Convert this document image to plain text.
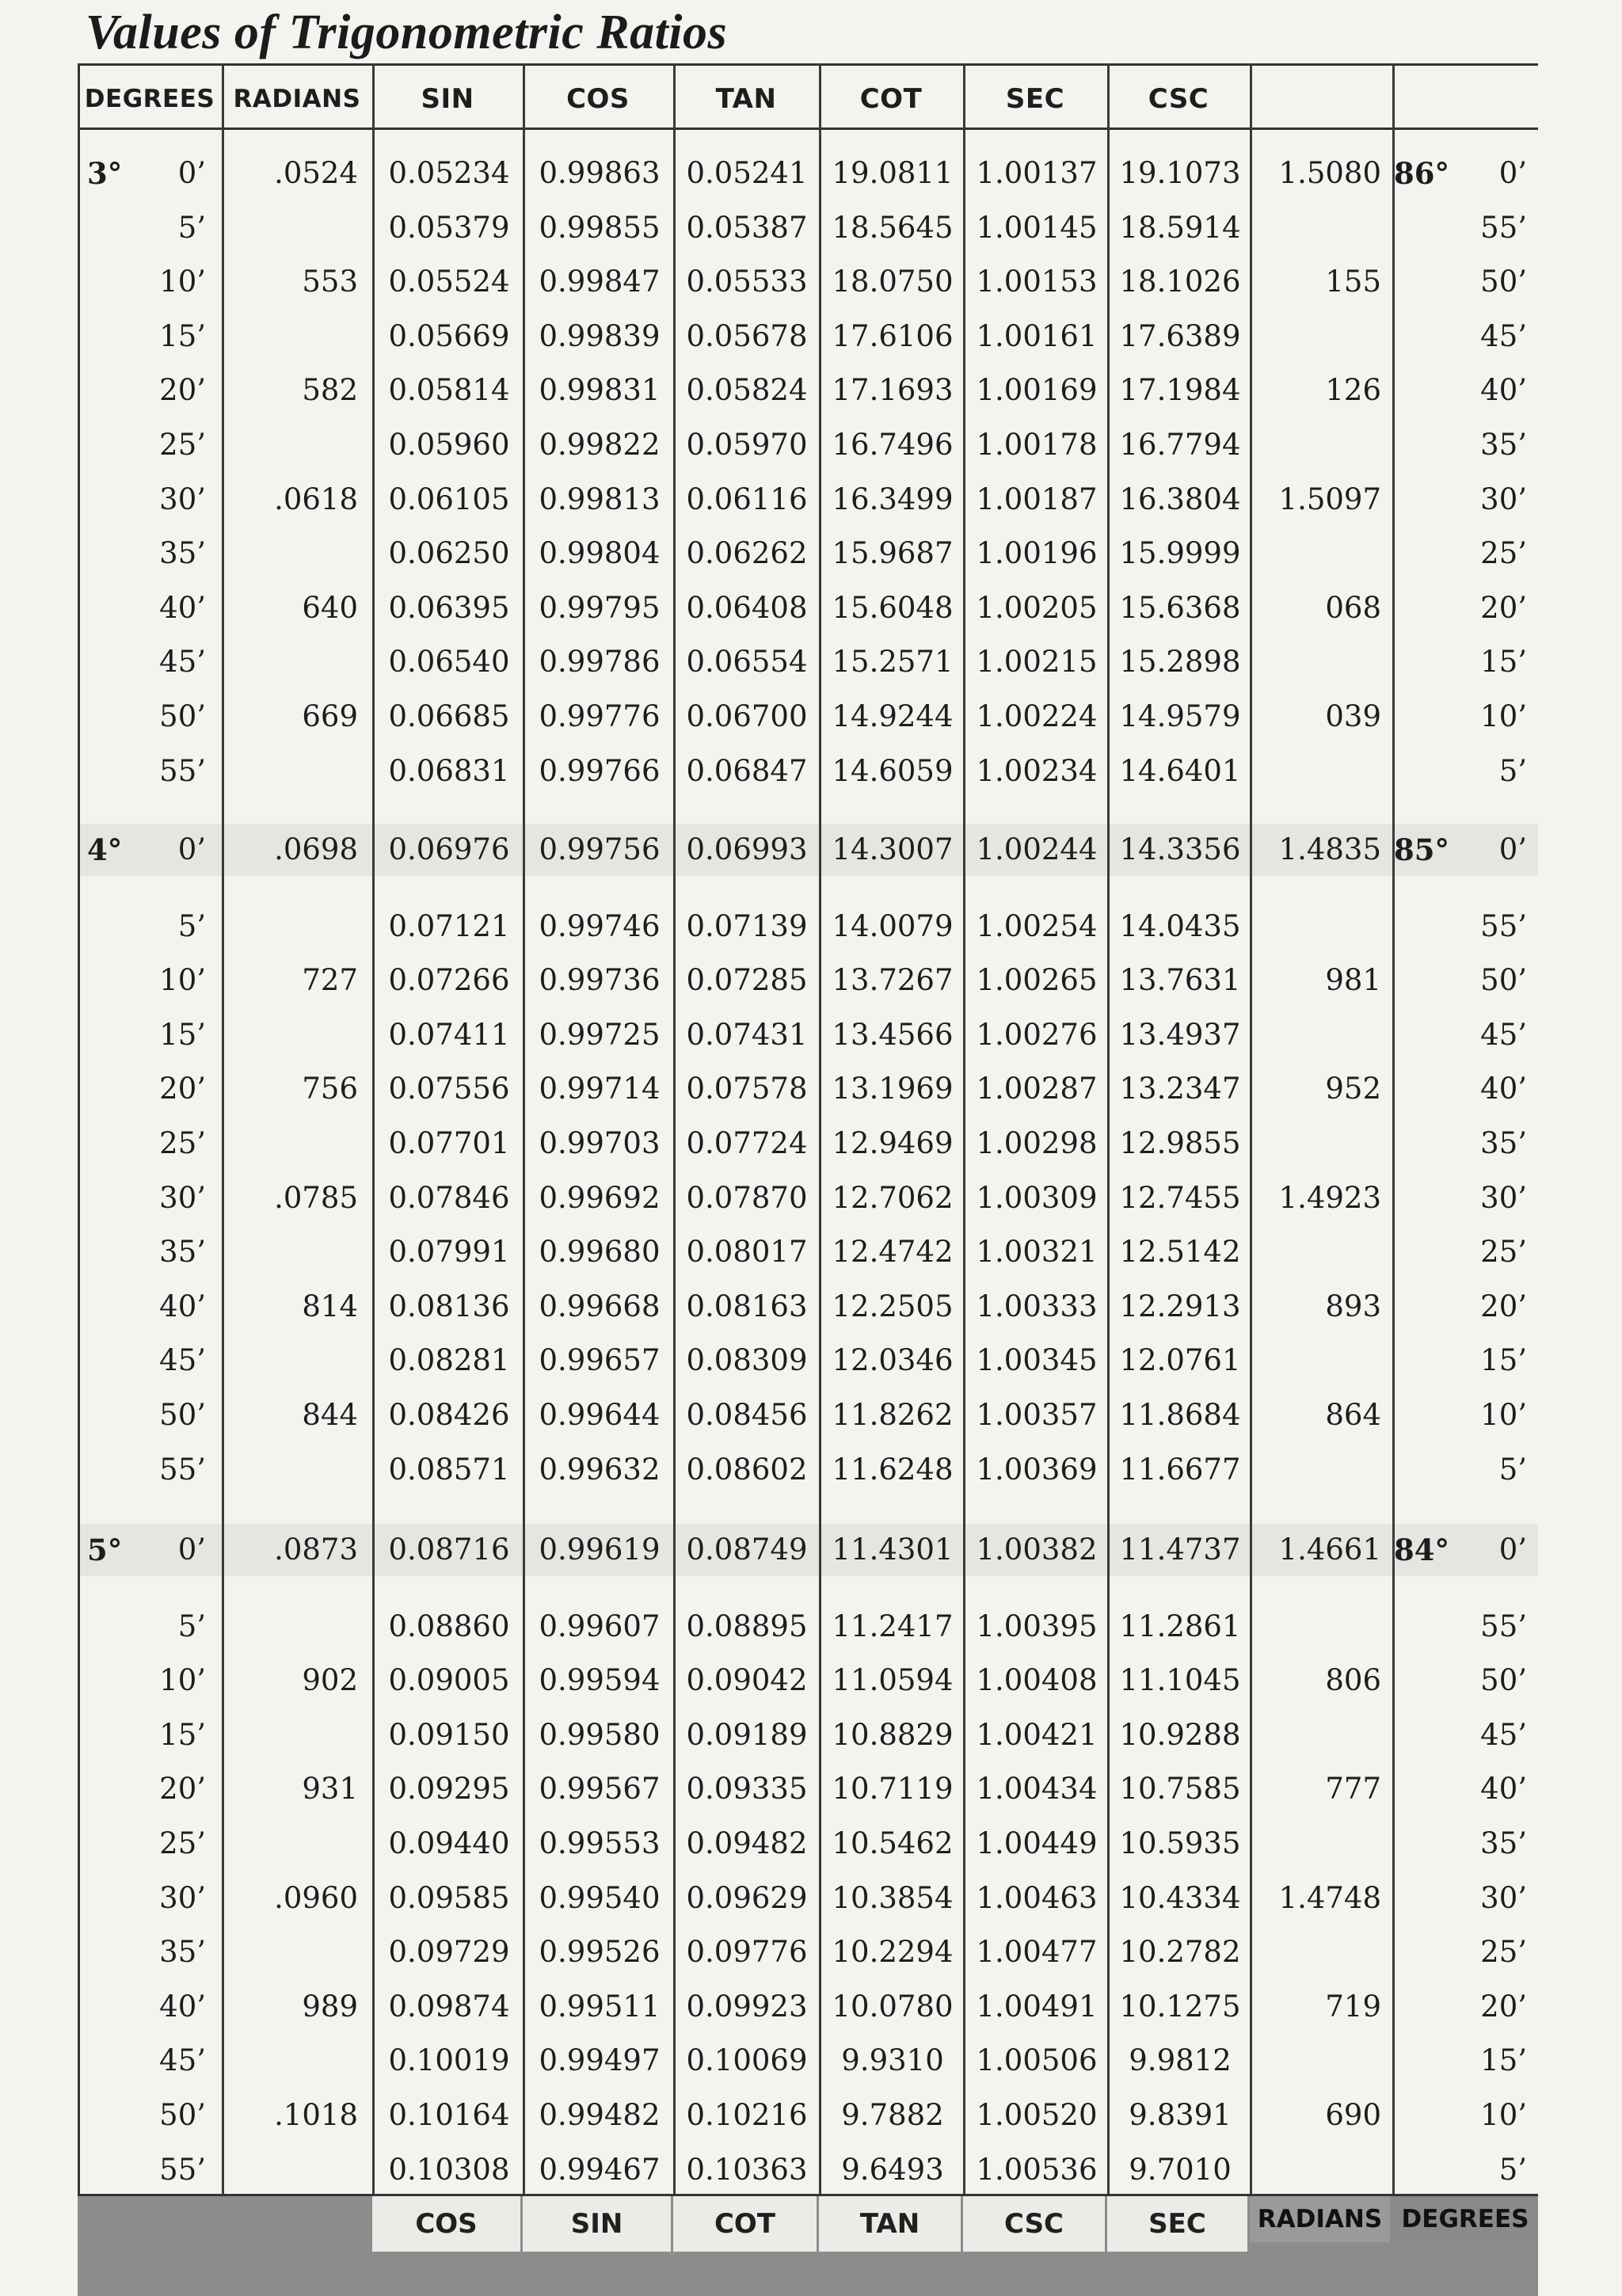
Values of Trigonometric Ratios
DEGREES RADIANS	SIN	COS	TAN	COT	SEC	CSC
3°	0’	.0524	0.05234 0.99863 0.05241 19.0811 1.00137 19.1073	1.5080 86°	0’
5’	0.05379 0.99855 0.05387 18.5645 1.00145 18.5914	55’
10’	553	0.05524 0.99847 0.05533 18.0750 1.00153 18.1026	155	50’
15’	0.05669 0.99839 0.05678 17.6106 1.00161 17.6389	45’
20’	582	0.05814 0.99831 0.05824 17.1693 1.00169 17.1984	126	40’
25’	0.05960 0.99822 0.05970 16.7496 1.00178 16.7794	35’
30’	.0618	0.06105 0.99813 0.06116 16.3499 1.00187 16.3804	1.5097	30’
35’	0.06250 0.99804 0.06262 15.9687 1.00196 15.9999	25’
40’	640	0.06395 0.99795 0.06408 15.6048 1.00205 15.6368	068	20’
45’	0.06540 0.99786 0.06554 15.2571 1.00215 15.2898	15’
50’	669	0.06685 0.99776 0.06700 14.9244 1.00224 14.9579	039	10’
55’	0.06831 0.99766 0.06847 14.6059 1.00234 14.6401	5’
4°	0’	.0698	0.06976 0.99756 0.06993 14.3007 1.00244 14.3356	1.4835 85°	0’
5’	0.07121 0.99746 0.07139 14.0079 1.00254 14.0435	55’
10’	727	0.07266 0.99736 0.07285 13.7267 1.00265 13.7631	981	50’
15’	0.07411 0.99725 0.07431 13.4566 1.00276 13.4937	45’
20’	756	0.07556 0.99714 0.07578 13.1969 1.00287 13.2347	952	40’
25’	0.07701 0.99703 0.07724 12.9469 1.00298 12.9855	35’
30’	.0785	0.07846 0.99692 0.07870 12.7062 1.00309 12.7455	1.4923	30’
35’	0.07991 0.99680 0.08017 12.4742 1.00321 12.5142	25’
40’	814	0.08136 0.99668 0.08163 12.2505 1.00333 12.2913	893	20’
45’	0.08281 0.99657 0.08309 12.0346 1.00345 12.0761	15’
50’	844	0.08426 0.99644 0.08456 11.8262 1.00357 11.8684	864	10’
55’	0.08571 0.99632 0.08602 11.6248 1.00369 11.6677	5’
5°	0’	.0873	0.08716 0.99619 0.08749 11.4301 1.00382 11.4737	1.4661 84°	0’
5’	0.08860 0.99607 0.08895 11.2417 1.00395 11.2861	55’
10’	902	0.09005 0.99594 0.09042 11.0594 1.00408 11.1045	806	50’
15’	0.09150 0.99580 0.09189 10.8829 1.00421 10.9288	45’
20’	931	0.09295 0.99567 0.09335 10.7119 1.00434 10.7585	777	40’
25’	0.09440 0.99553 0.09482 10.5462 1.00449 10.5935	35’
30’	.0960	0.09585 0.99540 0.09629 10.3854 1.00463 10.4334	1.4748	30’
35’	0.09729 0.99526 0.09776 10.2294 1.00477 10.2782	25’
40’	989	0.09874 0.99511 0.09923 10.0780 1.00491 10.1275	719	20’
45’	0.10019 0.99497 0.10069	9.9310	1.00506	9.9812	15’
50’	.1018	0.10164 0.99482 0.10216	9.7882	1.00520	9.8391	690	10’
55’	0.10308 0.99467 0.10363	9.6493	1.00536	9.7010	5’
COS	SIN	COT	TAN	CSC	SEC	RADIANS DEGREES
